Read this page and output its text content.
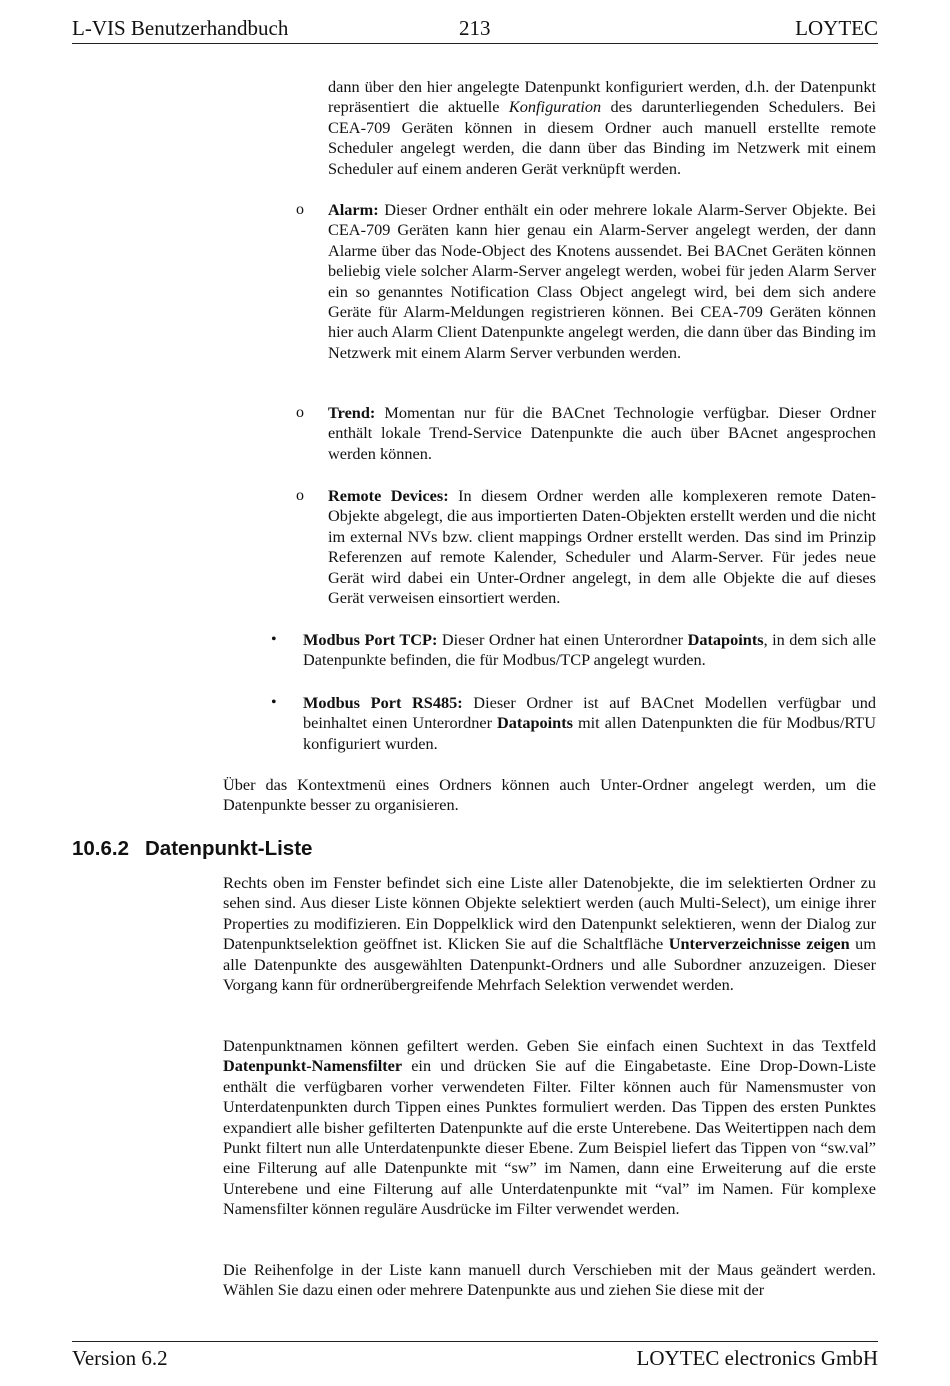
L-VIS Benutzerhandbuch	213	LOYTEC

dann über den hier angelegte Datenpunkt konfiguriert werden, d.h. der Datenpunkt repräsentiert die aktuelle Konfiguration des darunterliegenden Schedulers. Bei CEA-709 Geräten können in diesem Ordner auch manuell erstellte remote Scheduler angelegt werden, die dann über das Binding im Netzwerk mit einem Scheduler auf einem anderen Gerät verknüpft werden.

o Alarm: Dieser Ordner enthält ein oder mehrere lokale Alarm-Server Objekte. Bei CEA-709 Geräten kann hier genau ein Alarm-Server angelegt werden, der dann Alarme über das Node-Object des Knotens aussendet. Bei BACnet Geräten können beliebig viele solcher Alarm-Server angelegt werden, wobei für jeden Alarm Server ein so genanntes Notification Class Object angelegt wird, bei dem sich andere Geräte für Alarm-Meldungen registrieren können. Bei CEA-709 Geräten können hier auch Alarm Client Datenpunkte angelegt werden, die dann über das Binding im Netzwerk mit einem Alarm Server verbunden werden.

o Trend: Momentan nur für die BACnet Technologie verfügbar. Dieser Ordner enthält lokale Trend-Service Datenpunkte die auch über BAcnet angesprochen werden können.

o Remote Devices: In diesem Ordner werden alle komplexeren remote Daten-Objekte abgelegt, die aus importierten Daten-Objekten erstellt werden und die nicht im external NVs bzw. client mappings Ordner erstellt werden. Das sind im Prinzip Referenzen auf remote Kalender, Scheduler und Alarm-Server. Für jedes neue Gerät wird dabei ein Unter-Ordner angelegt, in dem alle Objekte die auf dieses Gerät verweisen einsortiert werden.

• Modbus Port TCP: Dieser Ordner hat einen Unterordner Datapoints, in dem sich alle Datenpunkte befinden, die für Modbus/TCP angelegt wurden.

• Modbus Port RS485: Dieser Ordner ist auf BACnet Modellen verfügbar und beinhaltet einen Unterordner Datapoints mit allen Datenpunkten die für Modbus/RTU konfiguriert wurden.

Über das Kontextmenü eines Ordners können auch Unter-Ordner angelegt werden, um die Datenpunkte besser zu organisieren.

10.6.2 Datenpunkt-Liste

Rechts oben im Fenster befindet sich eine Liste aller Datenobjekte, die im selektierten Ordner zu sehen sind. Aus dieser Liste können Objekte selektiert werden (auch Multi-Select), um einige ihrer Properties zu modifizieren. Ein Doppelklick wird den Datenpunkt selektieren, wenn der Dialog zur Datenpunktselektion geöffnet ist. Klicken Sie auf die Schaltfläche Unterverzeichnisse zeigen um alle Datenpunkte des ausgewählten Datenpunkt-Ordners und alle Subordner anzuzeigen. Dieser Vorgang kann für ordnerübergreifende Mehrfach Selektion verwendet werden.

Datenpunktnamen können gefiltert werden. Geben Sie einfach einen Suchtext in das Textfeld Datenpunkt-Namensfilter ein und drücken Sie auf die Eingabetaste. Eine Drop-Down-Liste enthält die verfügbaren vorher verwendeten Filter. Filter können auch für Namensmuster von Unterdatenpunkten durch Tippen eines Punktes formuliert werden. Das Tippen des ersten Punktes expandiert alle bisher gefilterten Datenpunkte auf die erste Unterebene. Das Weitertippen nach dem Punkt filtert nun alle Unterdatenpunkte dieser Ebene. Zum Beispiel liefert das Tippen von “sw.val” eine Filterung auf alle Datenpunkte mit “sw” im Namen, dann eine Erweiterung auf die erste Unterebene und eine Filterung auf alle Unterdatenpunkte mit “val” im Namen. Für komplexe Namensfilter können reguläre Ausdrücke im Filter verwendet werden.

Die Reihenfolge in der Liste kann manuell durch Verschieben mit der Maus geändert werden. Wählen Sie dazu einen oder mehrere Datenpunkte aus und ziehen Sie diese mit der

Version 6.2	LOYTEC electronics GmbH
